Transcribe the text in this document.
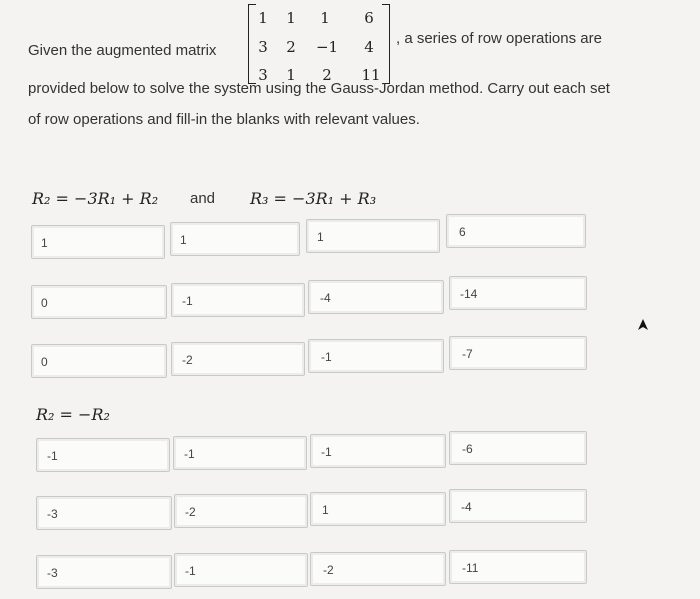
Given the augmented matrix
1	1	1	6
3	2	−1	4
3	1	2	11
, a series of row operations are
provided below to solve the system using the Gauss-Jordan method. Carry out each set
of row operations and fill-in the blanks with relevant values.
R₂ = −3R₁ + R₂ and R₃ = −3R₁ + R₃
1	1	1	6
0	-1	-4	-14
0	-2	-1	-7
R₂ = −R₂
-1	-1	-1	-6
-3	-2	1	-4
-3	-1	-2	-11
